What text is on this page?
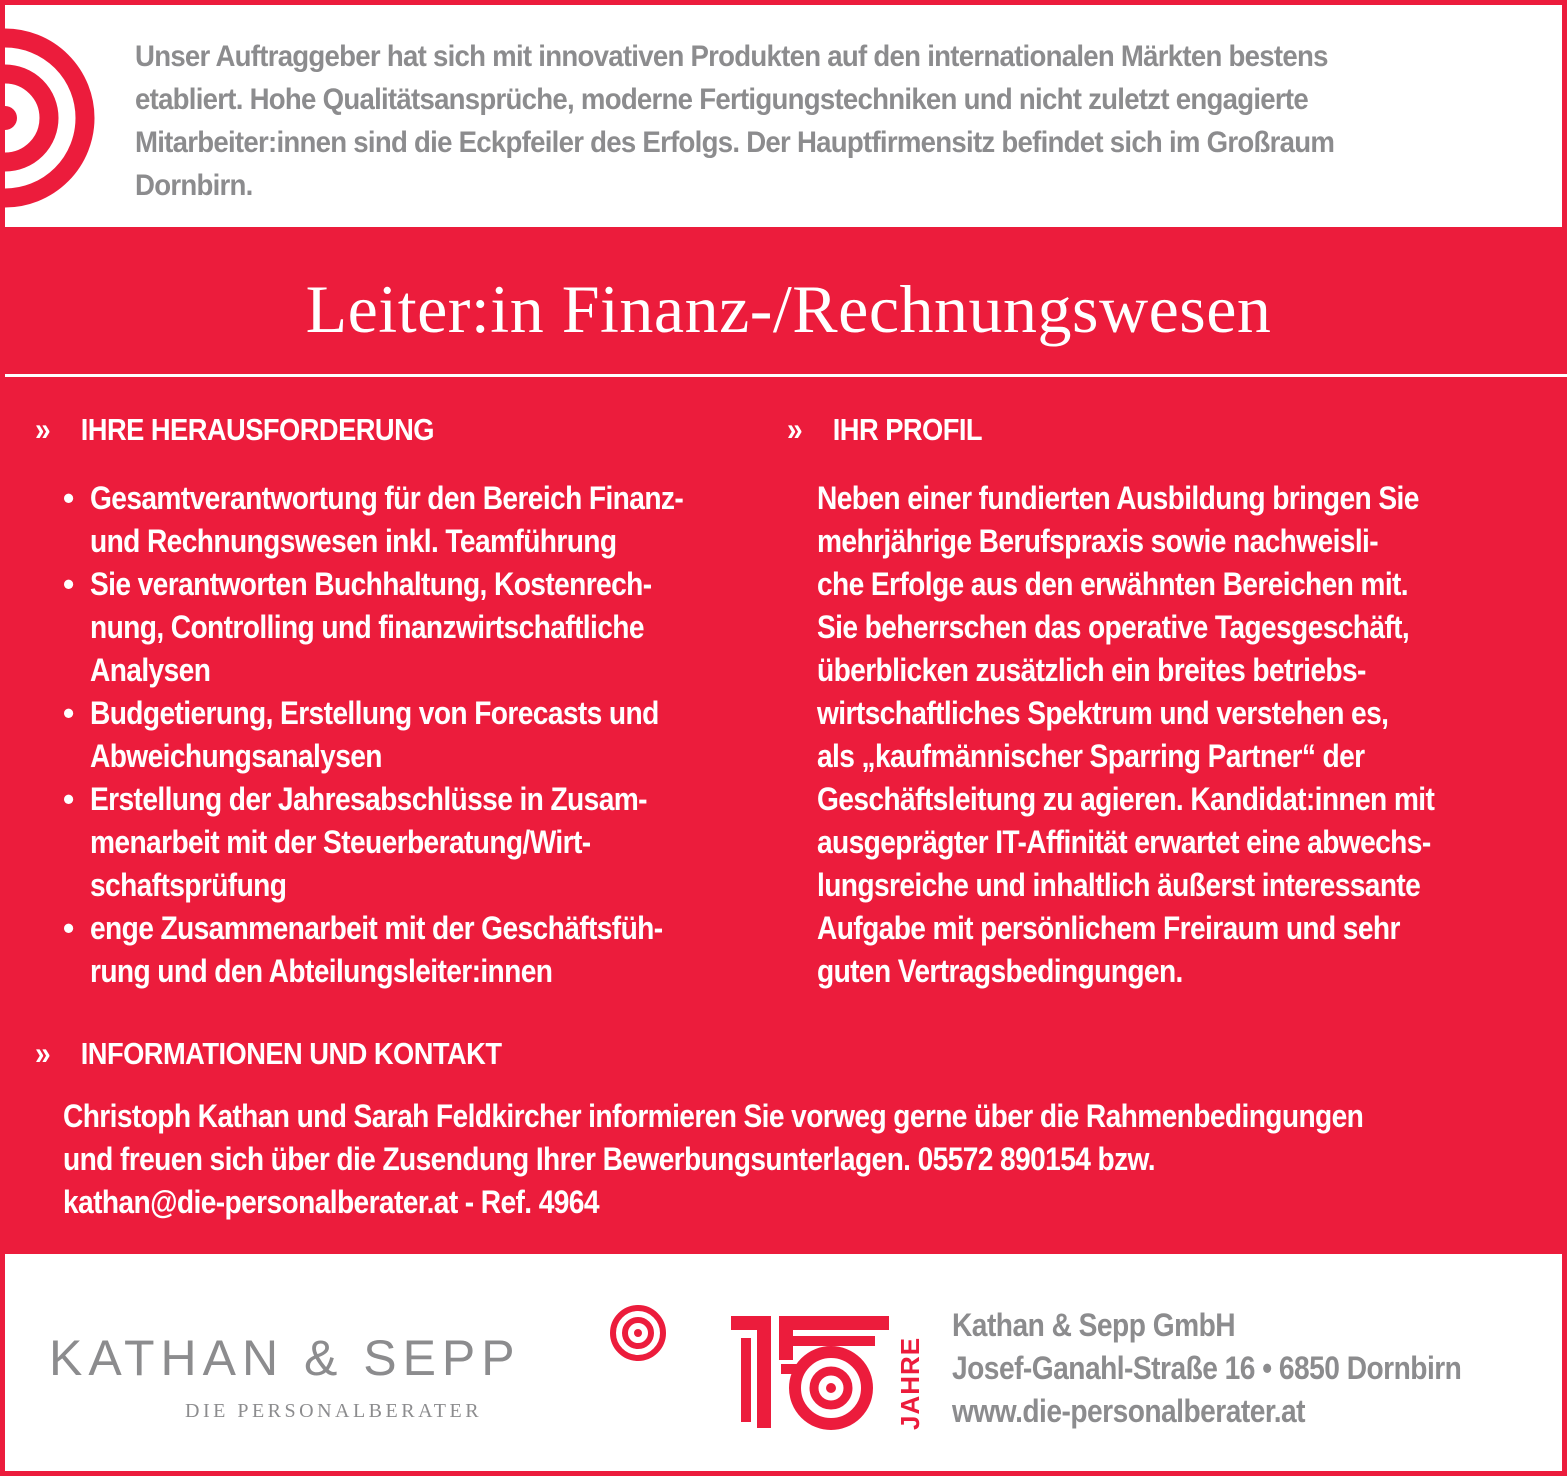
Unser Auftraggeber hat sich mit innovativen Produkten auf den internationalen Märkten bestens
etabliert. Hohe Qualitätsansprüche, moderne Fertigungstechniken und nicht zuletzt engagierte
Mitarbeiter:innen sind die Eckpfeiler des Erfolgs. Der Hauptfirmensitz befindet sich im Großraum
Dornbirn.
Leiter:in Finanz-/Rechnungswesen
» IHRE HERAUSFORDERUNG	» IHR PROFIL
• Gesamtverantwortung für den Bereich Finanz-
und Rechnungswesen inkl. Teamführung
• Sie verantworten Buchhaltung, Kostenrech-
nung, Controlling und finanzwirtschaftliche
Analysen
• Budgetierung, Erstellung von Forecasts und
Abweichungsanalysen
• Erstellung der Jahresabschlüsse in Zusam-
menarbeit mit der Steuerberatung/Wirt-
schaftsprüfung
• enge Zusammenarbeit mit der Geschäftsfüh-
rung und den Abteilungsleiter:innen
Neben einer fundierten Ausbildung bringen Sie
mehrjährige Berufspraxis sowie nachweisli-
che Erfolge aus den erwähnten Bereichen mit.
Sie beherrschen das operative Tagesgeschäft,
überblicken zusätzlich ein breites betriebs-
wirtschaftliches Spektrum und verstehen es,
als „kaufmännischer Sparring Partner“ der
Geschäftsleitung zu agieren. Kandidat:innen mit
ausgeprägter IT-Affinität erwartet eine abwechs-
lungsreiche und inhaltlich äußerst interessante
Aufgabe mit persönlichem Freiraum und sehr
guten Vertragsbedingungen.
» INFORMATIONEN UND KONTAKT
Christoph Kathan und Sarah Feldkircher informieren Sie vorweg gerne über die Rahmenbedingungen
und freuen sich über die Zusendung Ihrer Bewerbungsunterlagen. 05572 890154 bzw.
kathan@die-personalberater.at - Ref. 4964
KATHAN & SEPP
DIE PERSONALBERATER	JAHRE
Kathan & Sepp GmbH
Josef-Ganahl-Straße 16 • 6850 Dornbirn
www.die-personalberater.at
